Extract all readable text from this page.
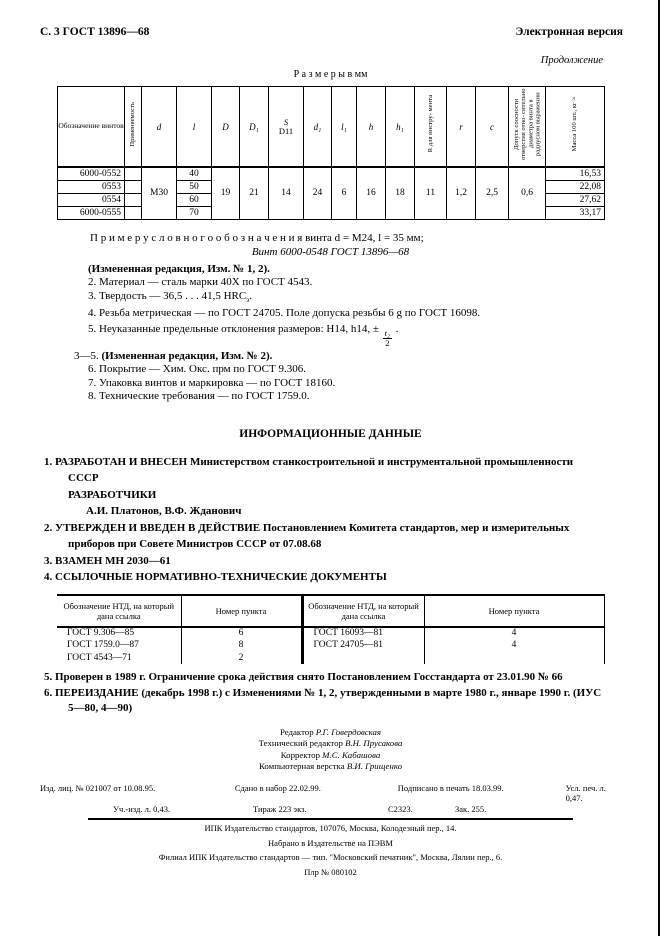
С. 3 ГОСТ 13896—68	Электронная версия
Продолжение
Р а з м е р ы в мм
Обозначение винтов	Применяемость	d	l	D	D₁	S
D11	d₁	l₁	h	h₁	R для инстру- мента	r	c	Допуск соосности отверстия отно- сительно диаметра винта в радиусном выражении	Масса 100 шт., кг ≈
6000-0552		М30	40	19	21	14	24	6	16	18	11	1,2	2,5	0,6	16,53
0553			50												22,08
0554			60												27,62
6000-0555			70												33,17
П р и м е р у с л о в н о г о о б о з н а ч е н и я винта d = М24, l = 35 мм;
Винт 6000-0548 ГОСТ 13896—68
(Измененная редакция, Изм. № 1, 2).
2. Материал — сталь марки 40Х по ГОСТ 4543.
3. Твердость — 36,5 . . . 41,5 $HRC_э$.
4. Резьба метрическая — по ГОСТ 24705. Поле допуска резьбы 6 g по ГОСТ 16098.
5. Неуказанные предельные отклонения размеров: Н14, h14, ± $\frac{\text{t₂}}{2}$ .
3—5. (Измененная редакция, Изм. № 2).
6. Покрытие — Хим. Окс. прм по ГОСТ 9.306.
7. Упаковка винтов и маркировка — по ГОСТ 18160.
8. Технические требования — по ГОСТ 1759.0.
ИНФОРМАЦИОННЫЕ ДАННЫЕ
1. РАЗРАБОТАН И ВНЕСЕН Министерством станкостроительной и инструментальной промышленности СССР
РАЗРАБОТЧИКИ
А.И. Платонов, В.Ф. Жданович
2. УТВЕРЖДЕН И ВВЕДЕН В ДЕЙСТВИЕ Постановлением Комитета стандартов, мер и измерительных приборов при Совете Министров СССР от 07.08.68
3. ВЗАМЕН МН 2030—61
4. ССЫЛОЧНЫЕ НОРМАТИВНО-ТЕХНИЧЕСКИЕ ДОКУМЕНТЫ
Обозначение НТД, на который дана ссылка	Номер пункта	Обозначение НТД, на который дана ссылка	Номер пункта
ГОСТ 9.306—85	6	ГОСТ 16093—81	4
ГОСТ 1759.0—87	8	ГОСТ 24705—81	4
ГОСТ 4543—71	2		
5. Проверен в 1989 г. Ограничение срока действия снято Постановлением Госстандарта от 23.01.90 № 66
6. ПЕРЕИЗДАНИЕ (декабрь 1998 г.) с Изменениями № 1, 2, утвержденными в марте 1980 г., январе 1990 г. (ИУС 5—80, 4—90)
Редактор Р.Г. Говердовская
Технический редактор В.Н. Прусакова
Корректор М.С. Кабашова
Компьютерная верстка В.И. Грищенко
Изд. лиц. № 021007 от 10.08.95.	Сдано в набор 22.02.99.	Подписано в печать 18.03.99.	Усл. печ. л. 0,47.
Уч.-изд. л. 0,43.	Тираж 223 экз.	С2323.	Зак. 255.
ИПК Издательство стандартов, 107076, Москва, Колодезный пер., 14.
Набрано в Издательстве на ПЭВМ
Филиал ИПК Издательство стандартов — тип. "Московский печатник", Москва, Лялин пер., 6.
Плр № 080102
